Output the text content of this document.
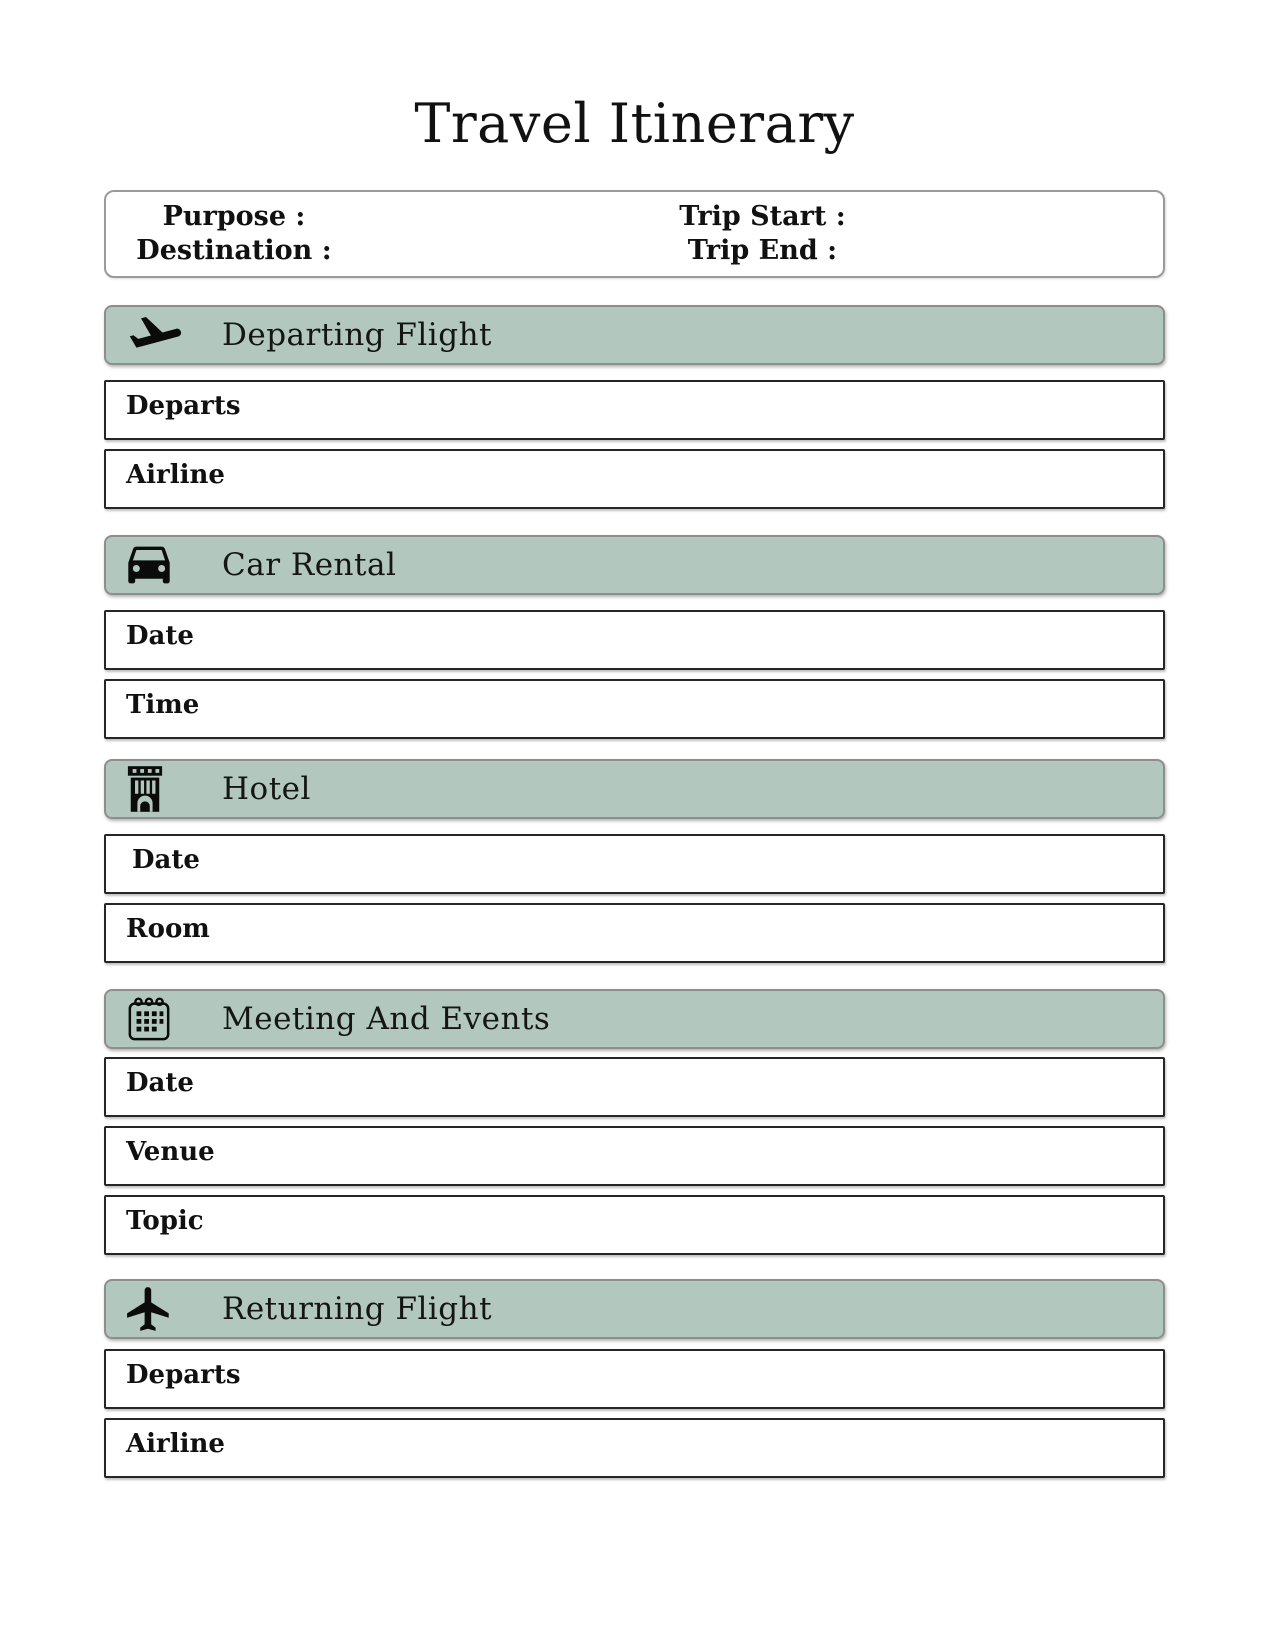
Travel Itinerary
Purpose :
Destination :
Trip Start :
Trip End :
Departing Flight
Departs
Airline
Car Rental
Date
Time
Hotel
Date
Room
Meeting And Events
Date
Venue
Topic
Returning Flight
Departs
Airline
